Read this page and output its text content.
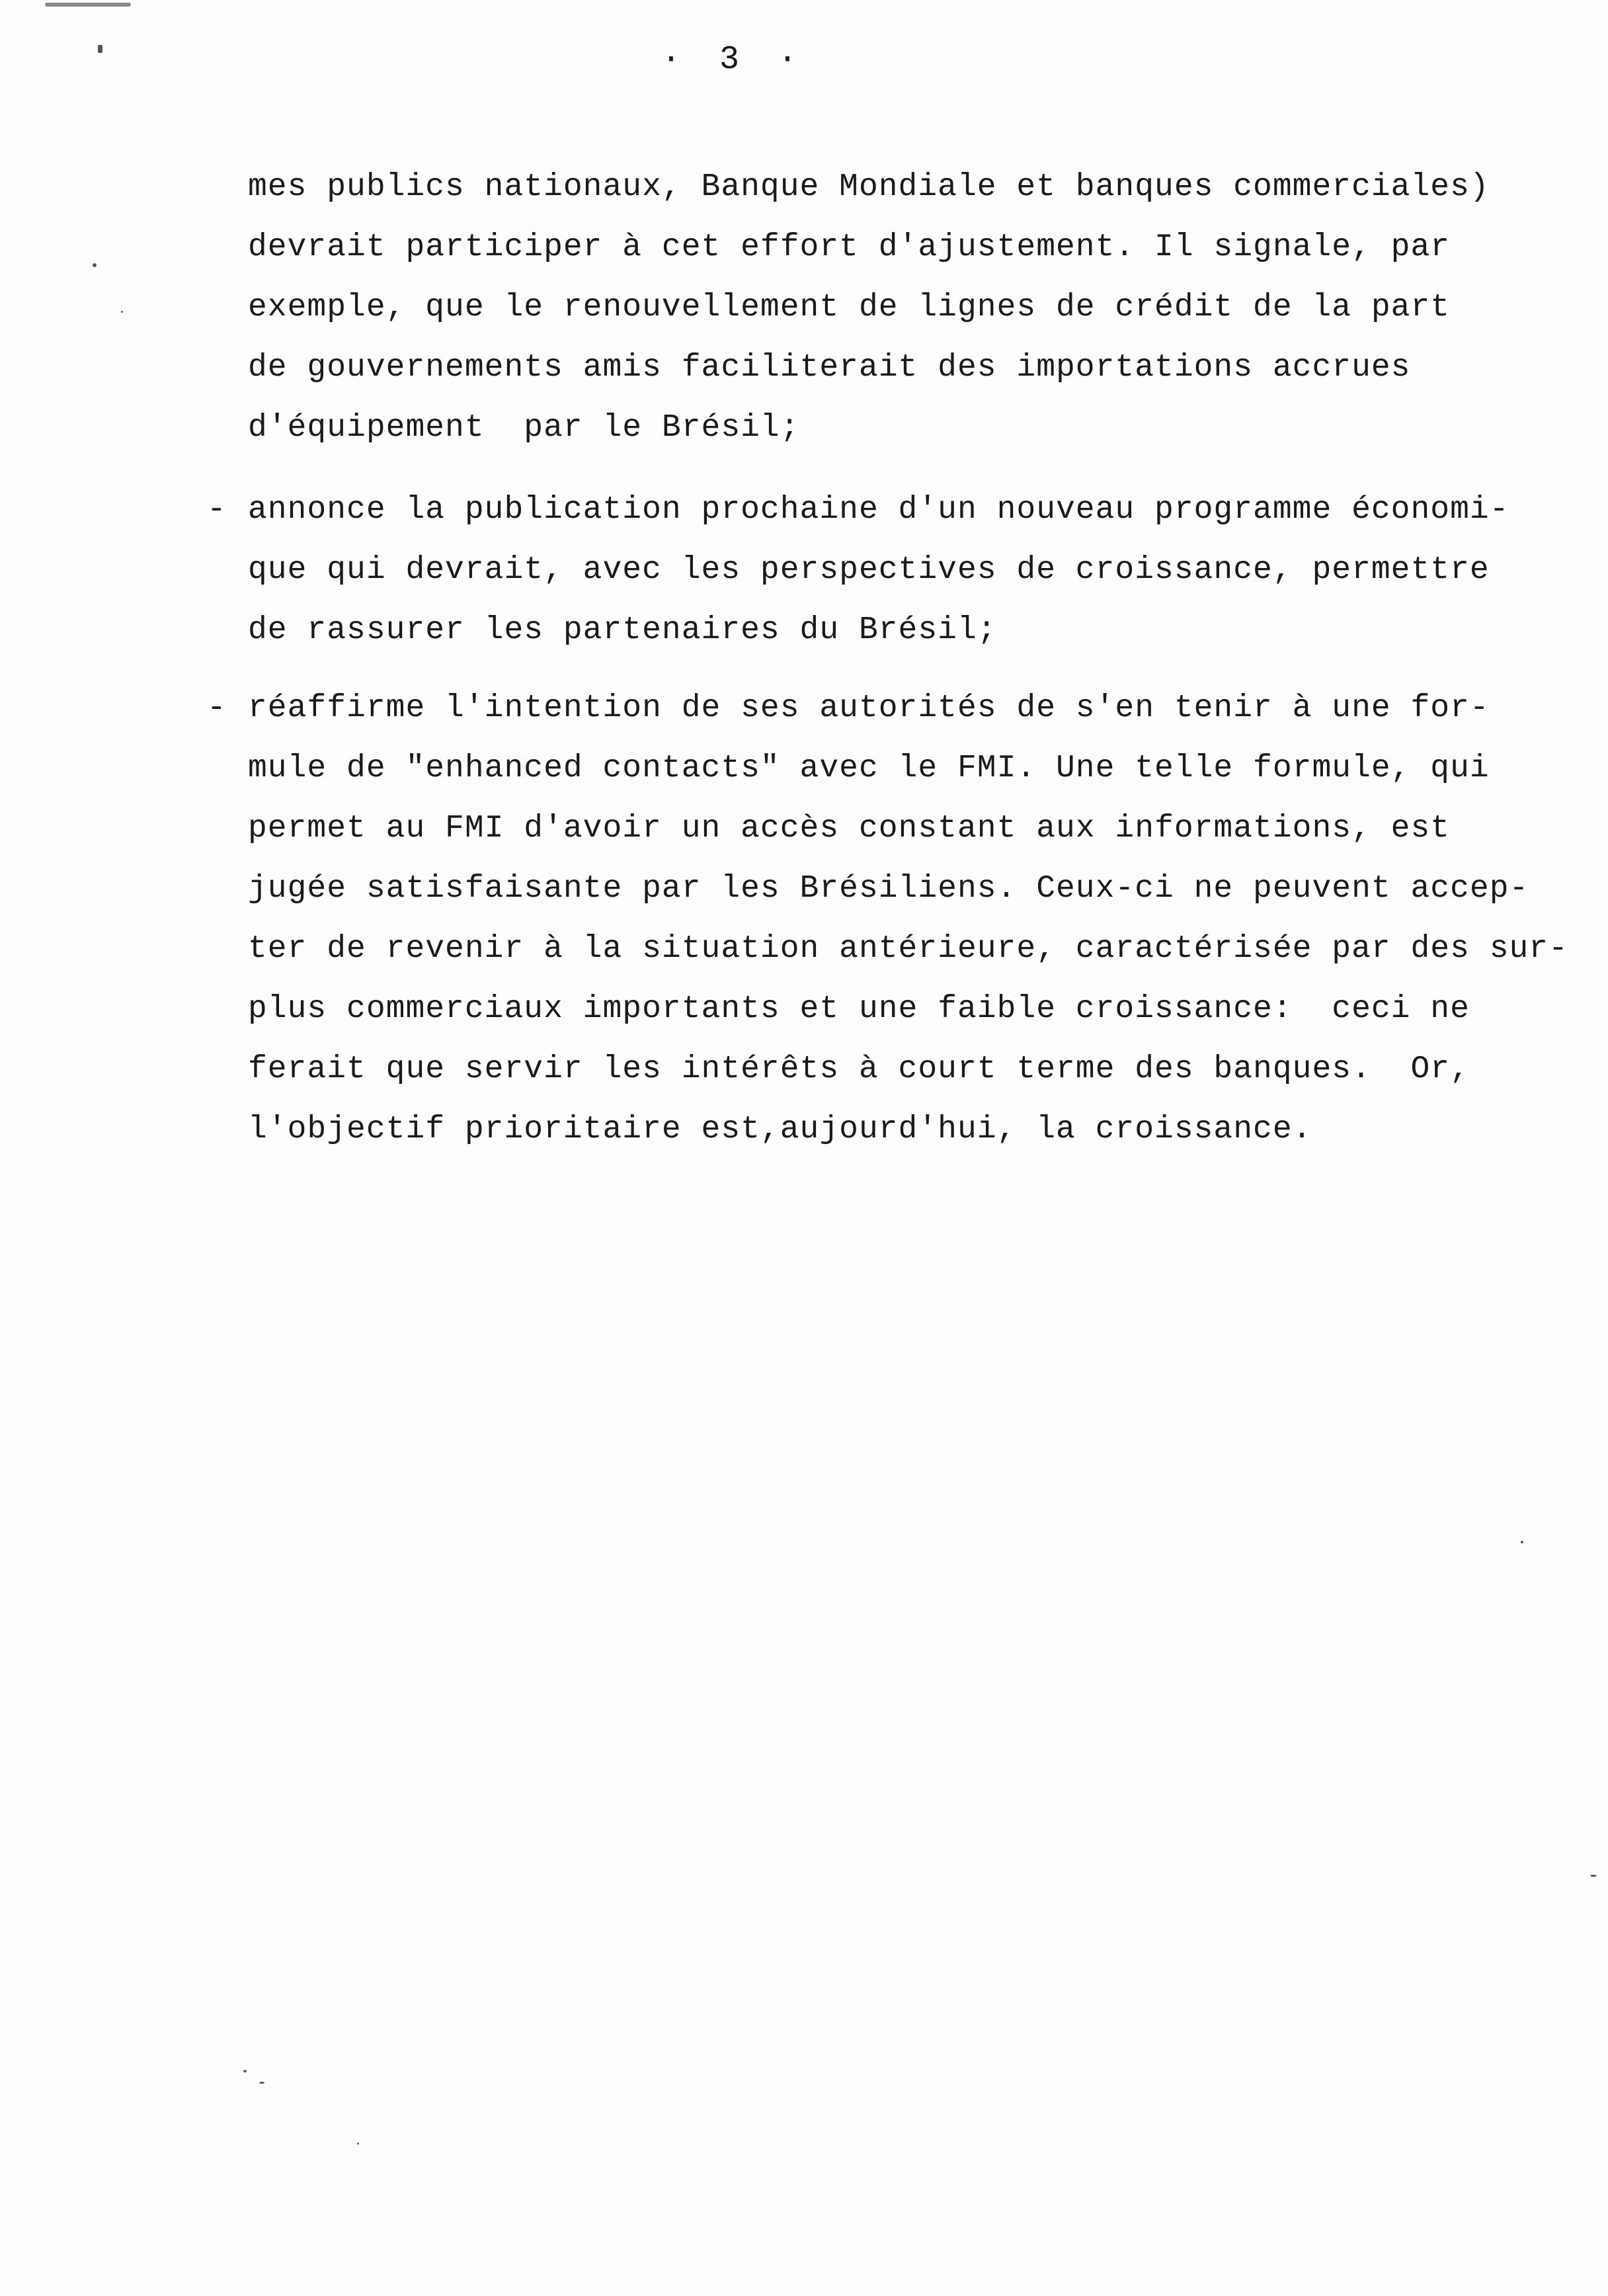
· 3 ·
mes publics nationaux, Banque Mondiale et banques commerciales)
devrait participer à cet effort d'ajustement. Il signale, par
exemple, que le renouvellement de lignes de crédit de la part
de gouvernements amis faciliterait des importations accrues
d'équipement  par le Brésil;
- annonce la publication prochaine d'un nouveau programme économi-
que qui devrait, avec les perspectives de croissance, permettre
de rassurer les partenaires du Brésil;
- réaffirme l'intention de ses autorités de s'en tenir à une for-
mule de "enhanced contacts" avec le FMI. Une telle formule, qui
permet au FMI d'avoir un accès constant aux informations, est
jugée satisfaisante par les Brésiliens. Ceux-ci ne peuvent accep-
ter de revenir à la situation antérieure, caractérisée par des sur-
plus commerciaux importants et une faible croissance:  ceci ne
ferait que servir les intérêts à court terme des banques.  Or,
l'objectif prioritaire est,aujourd'hui, la croissance.
